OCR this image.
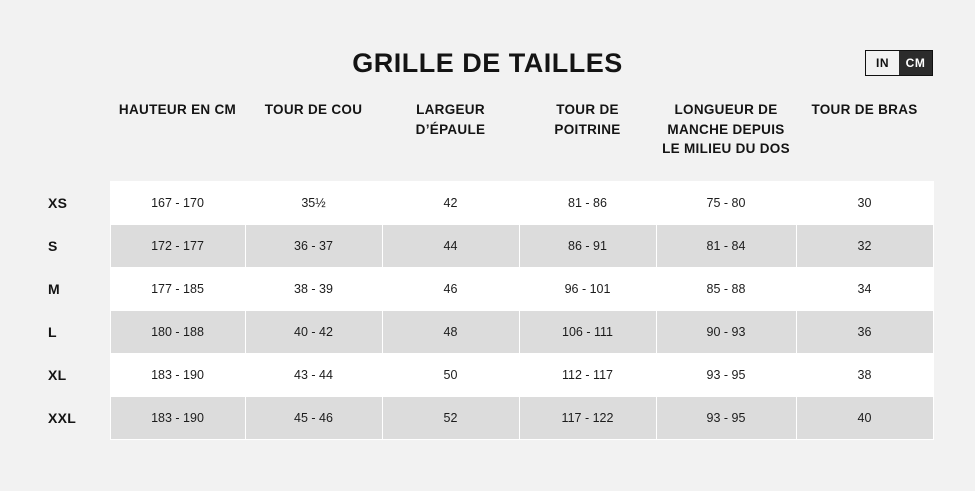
GRILLE DE TAILLES	IN	CM
	HAUTEUR EN CM	TOUR DE COU	LARGEUR D’ÉPAULE	TOUR DE POITRINE	LONGUEUR DE MANCHE DEPUIS LE MILIEU DU DOS	TOUR DE BRAS
XS	167 - 170	35½	42	81 - 86	75 - 80	30
S	172 - 177	36 - 37	44	86 - 91	81 - 84	32
M	177 - 185	38 - 39	46	96 - 101	85 - 88	34
L	180 - 188	40 - 42	48	106 - 111	90 - 93	36
XL	183 - 190	43 - 44	50	112 - 117	93 - 95	38
XXL	183 - 190	45 - 46	52	117 - 122	93 - 95	40
